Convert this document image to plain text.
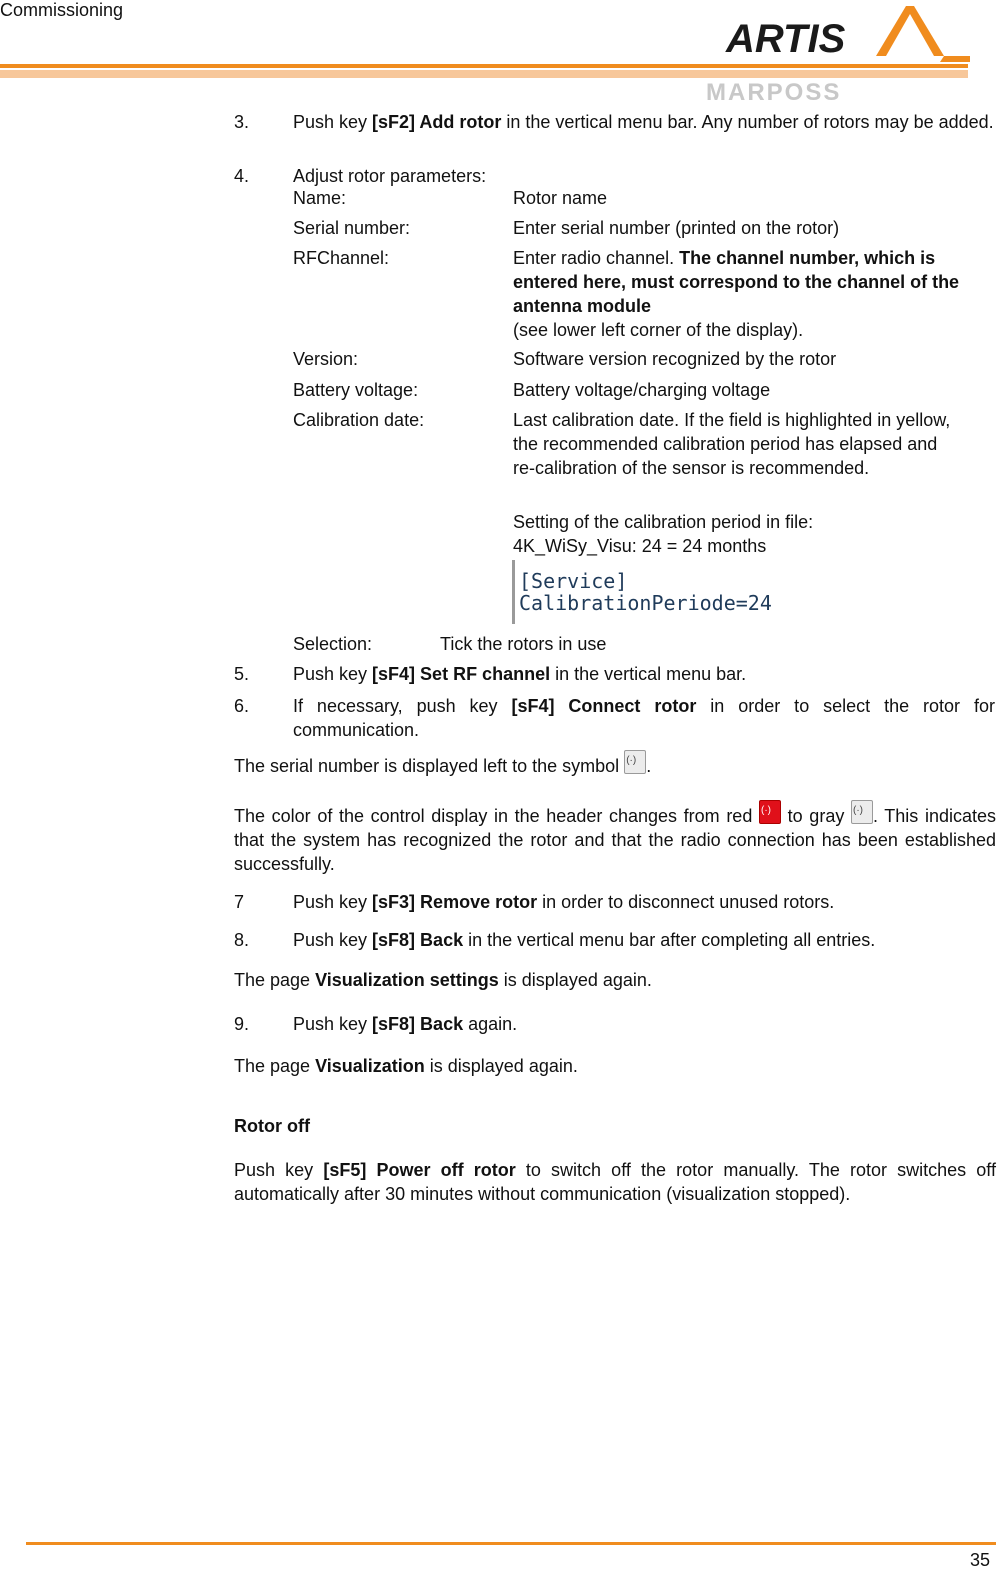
Commissioning
ARTIS
MARPOSS
3. Push key [sF2] Add rotor in the vertical menu bar. Any number of rotors may be added.
4. Adjust rotor parameters:
Name:	Rotor name
Serial number:	Enter serial number (printed on the rotor)
RFChannel:	Enter radio channel. The channel number, which is entered here, must correspond to the channel of the antenna module
(see lower left corner of the display).
Version:	Software version recognized by the rotor
Battery voltage:	Battery voltage/charging voltage
Calibration date:	Last calibration date. If the field is highlighted in yellow, the recommended calibration period has elapsed and re-calibration of the sensor is recommended.
Setting of the calibration period in file: 4K_WiSy_Visu: 24 = 24 months
[Service]
CalibrationPeriode=24
Selection:	Tick the rotors in use
5. Push key [sF4] Set RF channel in the vertical menu bar.
6. If necessary, push key [sF4] Connect rotor in order to select the rotor for communication.
The serial number is displayed left to the symbol (·) .
The color of the control display in the header changes from red (·) to gray (·) . This indicates that the system has recognized the rotor and that the radio connection has been established successfully.
7	Push key [sF3] Remove rotor in order to disconnect unused rotors.
8. Push key [sF8] Back in the vertical menu bar after completing all entries.
The page Visualization settings is displayed again.
9. Push key [sF8] Back again.
The page Visualization is displayed again.
Rotor off
Push key [sF5] Power off rotor to switch off the rotor manually. The rotor switches off automatically after 30 minutes without communication (visualization stopped).
35
